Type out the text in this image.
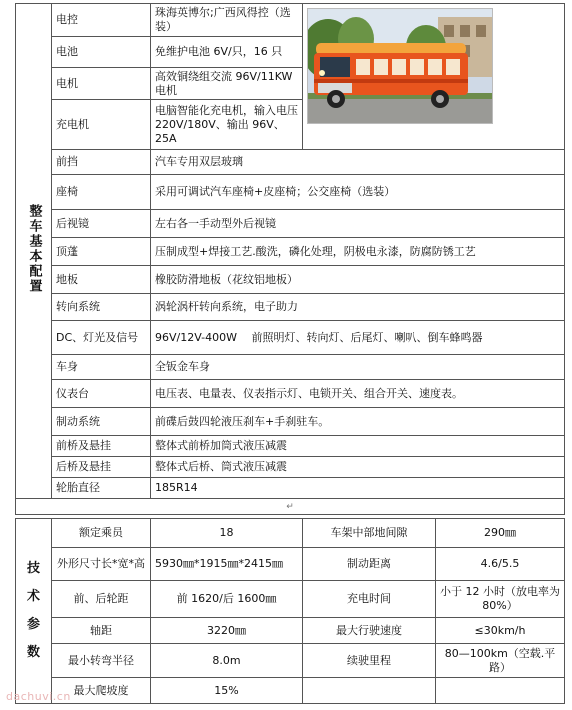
整车基本配置	电控	珠海英博尔;广西风得控（选装）	

	电池	免维护电池 6V/只，16 只	
	电机	高效铜绕组交流 96V/11KW 电机	
	充电机	电脑智能化充电机，输入电压 220V/180V、输出 96V、25A	
	前挡	汽车专用双层玻璃	
	座椅	采用可调试汽车座椅+皮座椅；公交座椅（选装）	
	后视镜	左右各一手动型外后视镜	
	顶蓬	压制成型+焊接工艺.酸洗，磷化处理，阴极电永漆，防腐防锈工艺	
	地板	橡胶防滑地板（花纹铝地板）	
	转向系统	涡轮涡杆转向系统，电子助力	
	DC、灯光及信号	96V/12V-400W　 前照明灯、转向灯、后尾灯、喇叭、倒车蜂鸣器	
	车身	全钣金车身	
	仪表台	电压表、电量表、仪表指示灯、电锁开关、组合开关、速度表。	
	制动系统	前碟后鼓四轮液压刹车+手刹驻车。	
	前桥及悬挂	整体式前桥加筒式液压减震	
	后桥及悬挂	整体式后桥、筒式液压减震	
	轮胎直径	185R14	
↵			
技
术
参
数	额定乘员	18	车架中部地间隙	290㎜
	外形尺寸长*宽*高	5930㎜*1915㎜*2415㎜	制动距离	4.6/5.5
	前、后轮距	前 1620/后 1600㎜	充电时间	小于 12 小时（放电率为 80%）
	轴距	3220㎜	最大行驶速度	≤30km/h
	最小转弯半径	8.0m	续驶里程	80—100km（空载.平路）
	最大爬坡度	15%		
dachuvi.cn
